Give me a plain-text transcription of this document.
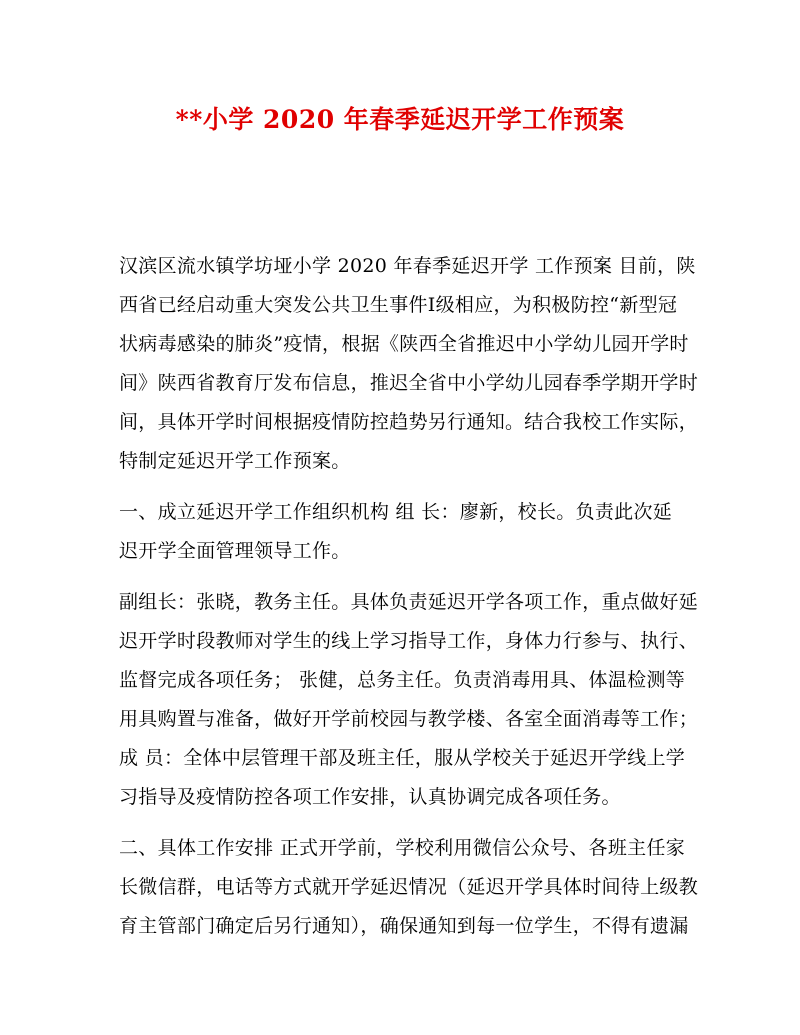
**小学 2020 年春季延迟开学工作预案
汉滨区流水镇学坊垭小学 2020 年春季延迟开学 工作预案 目前，陕
西省已经启动重大突发公共卫生事件Ⅰ级相应，为积极防控“新型冠
状病毒感染的肺炎”疫情，根据《陕西全省推迟中小学幼儿园开学时
间》陕西省教育厅发布信息，推迟全省中小学幼儿园春季学期开学时
间，具体开学时间根据疫情防控趋势另行通知。结合我校工作实际，
特制定延迟开学工作预案。
一、成立延迟开学工作组织机构 组 长：廖新，校长。负责此次延
迟开学全面管理领导工作。
副组长：张晓，教务主任。具体负责延迟开学各项工作，重点做好延
迟开学时段教师对学生的线上学习指导工作，身体力行参与、执行、
监督完成各项任务； 张健，总务主任。负责消毒用具、体温检测等
用具购置与准备，做好开学前校园与教学楼、各室全面消毒等工作；
成 员：全体中层管理干部及班主任，服从学校关于延迟开学线上学
习指导及疫情防控各项工作安排，认真协调完成各项任务。
二、具体工作安排 正式开学前，学校利用微信公众号、各班主任家
长微信群，电话等方式就开学延迟情况（延迟开学具体时间待上级教
育主管部门确定后另行通知），确保通知到每一位学生，不得有遗漏
